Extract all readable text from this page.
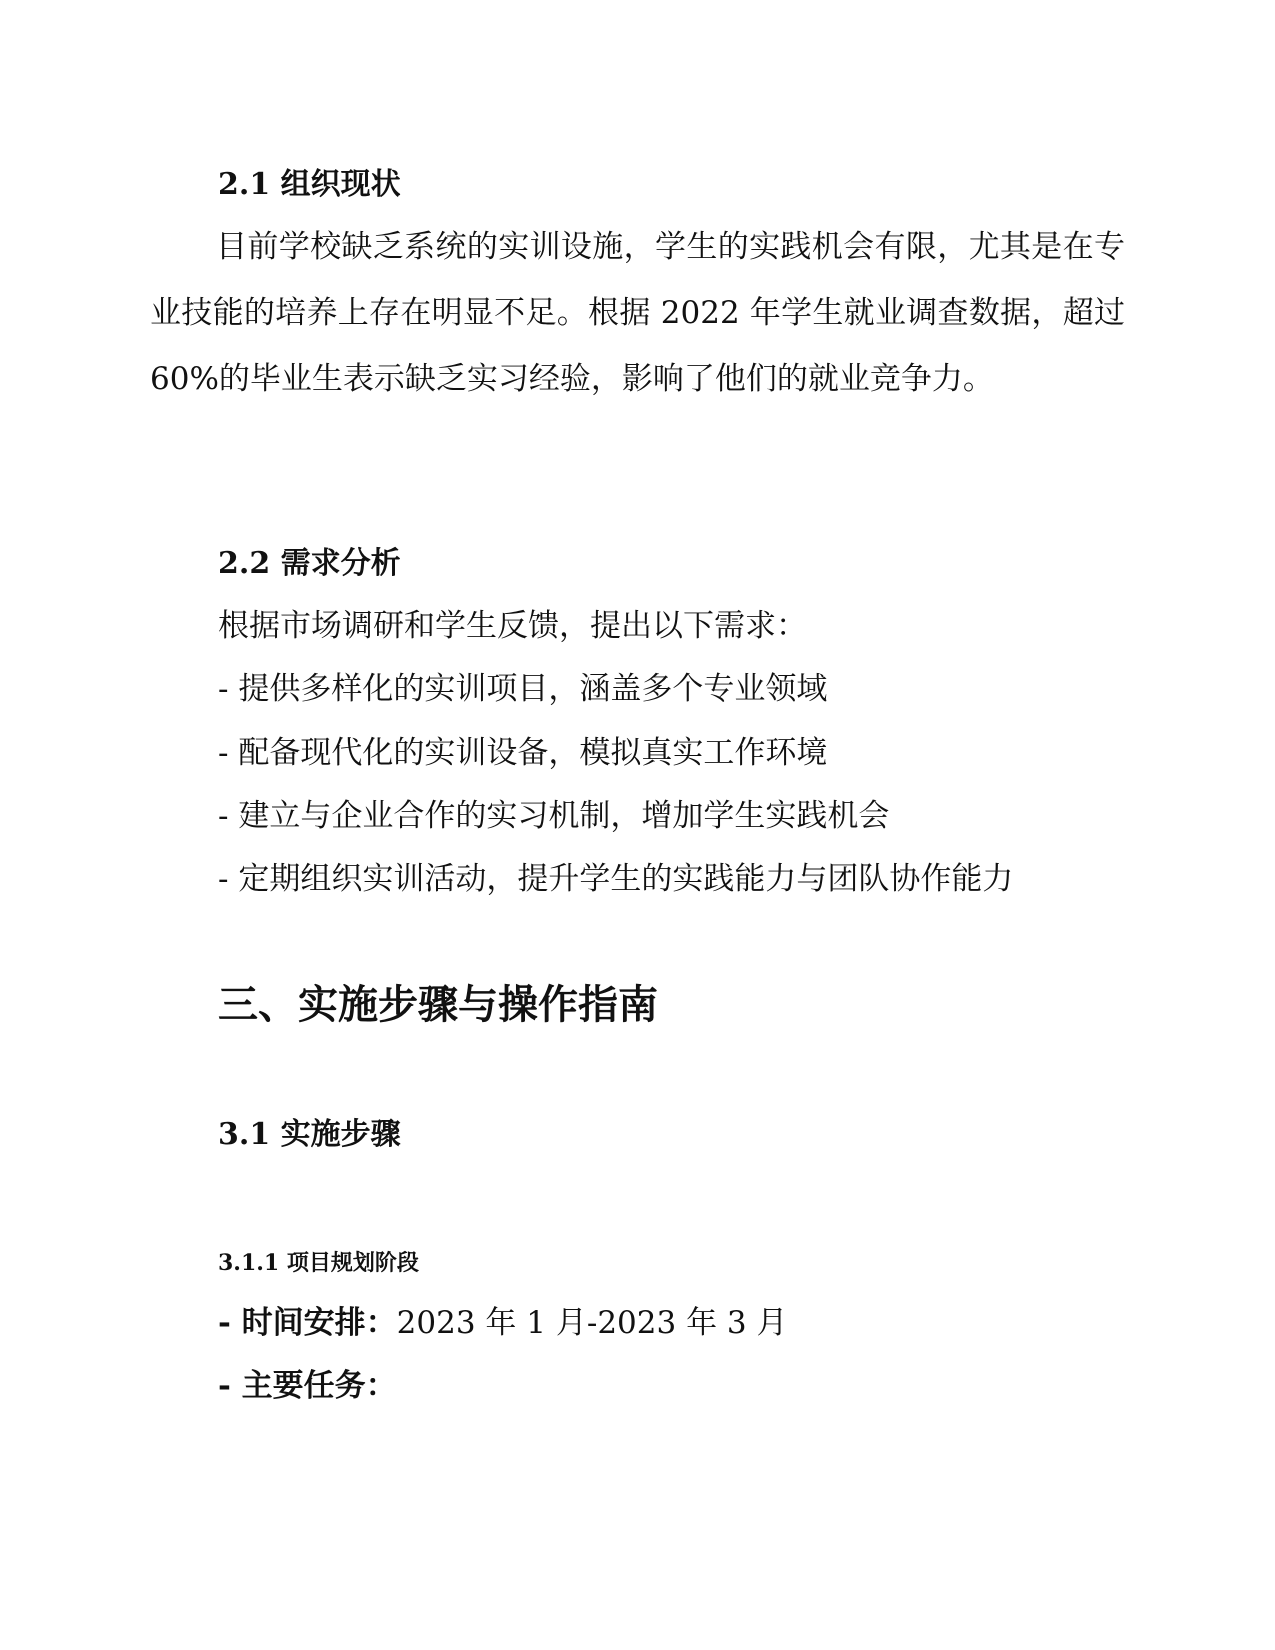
2.1 组织现状

目前学校缺乏系统的实训设施，学生的实践机会有限，尤其是在专业技能的培养上存在明显不足。根据 2022 年学生就业调查数据，超过 60%的毕业生表示缺乏实习经验，影响了他们的就业竞争力。

2.2 需求分析

根据市场调研和学生反馈，提出以下需求：

- 提供多样化的实训项目，涵盖多个专业领域

- 配备现代化的实训设备，模拟真实工作环境

- 建立与企业合作的实习机制，增加学生实践机会

- 定期组织实训活动，提升学生的实践能力与团队协作能力

三、实施步骤与操作指南
3.1 实施步骤
3.1.1 项目规划阶段

- 时间安排：2023 年 1 月-2023 年 3 月

- 主要任务：
